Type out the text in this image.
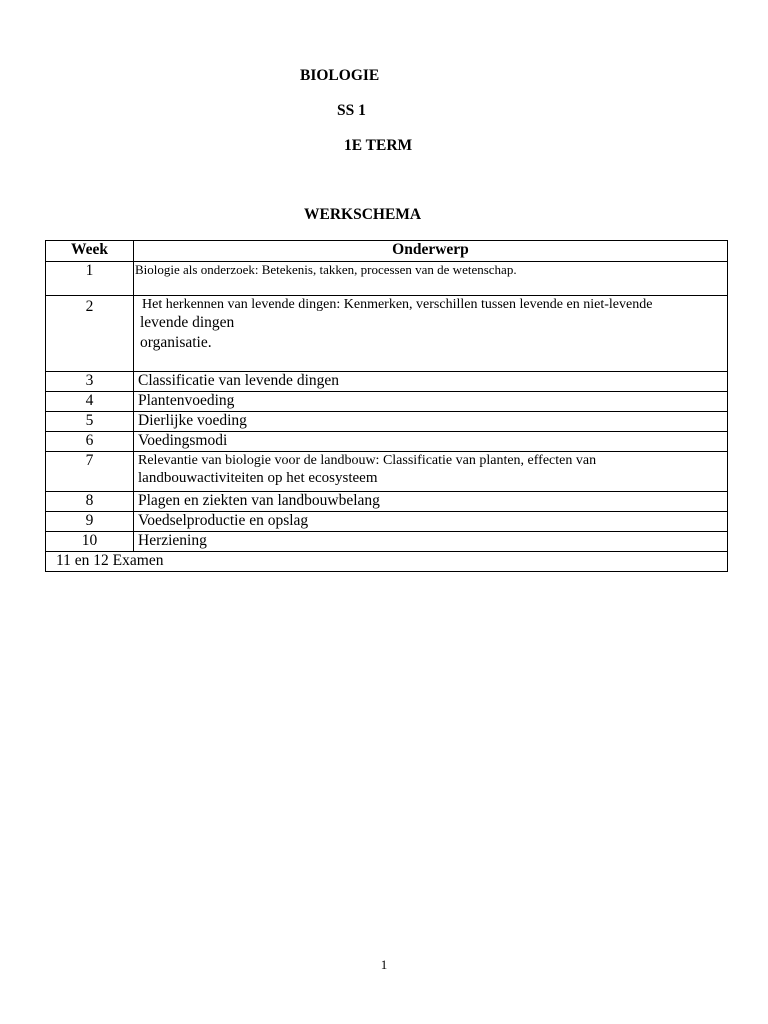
BIOLOGIE
SS 1
1E TERM
WERKSCHEMA
Week	Onderwerp
1	Biologie als onderzoek: Betekenis, takken, processen van de wetenschap.

2	Het herkennen van levende dingen: Kenmerken, verschillen tussen levende en niet-levende
levende dingen
organisatie.

3	Classificatie van levende dingen
4	Plantenvoeding
5	Dierlijke voeding
6	Voedingsmodi
7	Relevantie van biologie voor de landbouw: Classificatie van planten, effecten van
landbouwactiviteiten op het ecosysteem

8	Plagen en ziekten van landbouwbelang
9	Voedselproductie en opslag
10	Herziening
11 en 12 Examen	
1
